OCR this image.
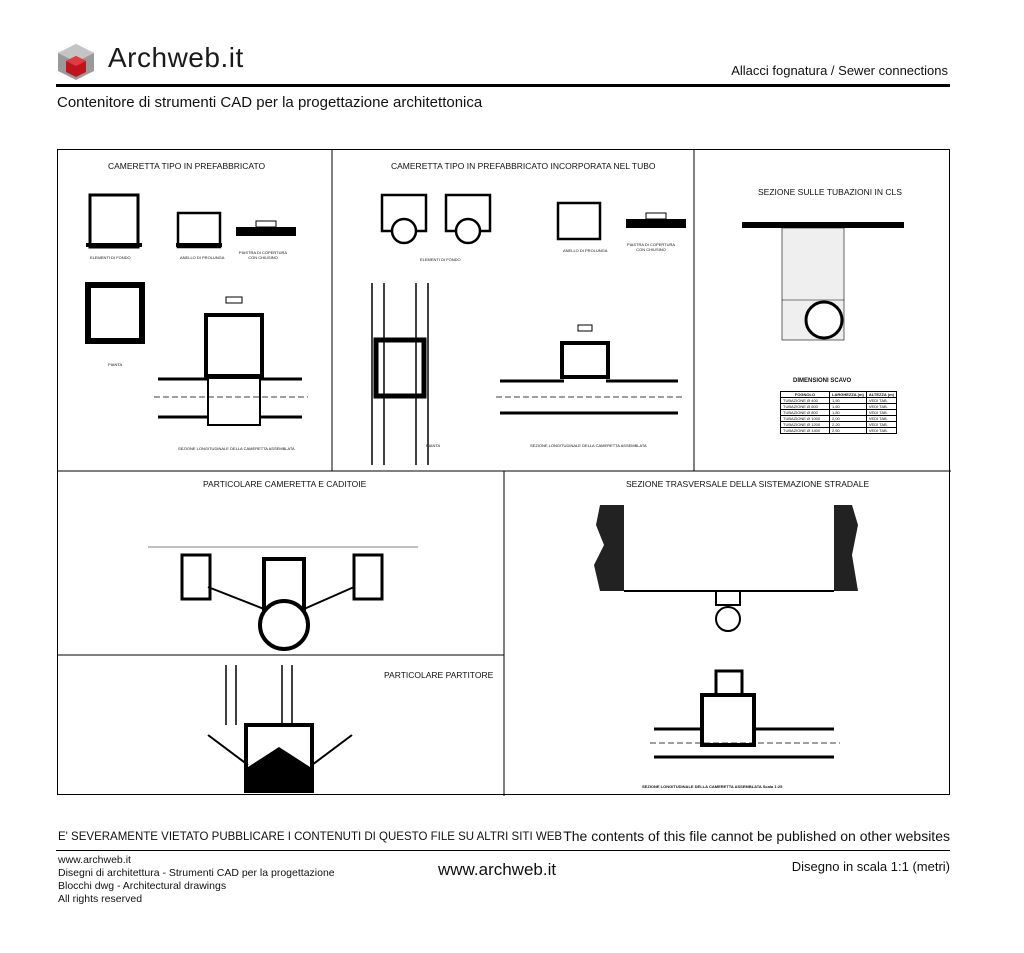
Archweb.it	Allacci fognatura / Sewer connections
Contenitore di strumenti CAD per la progettazione architettonica
CAMERETTA TIPO IN PREFABBRICATO
ELEMENTI DI FONDO	ANELLO DI PROLUNGA
PIASTRA DI COPERTURA CON CHIUSINO
PIANTA
SEZIONE LONGITUDINALE DELLA CAMERETTA ASSEMBLATA
CAMERETTA TIPO IN PREFABBRICATO INCORPORATA NEL TUBO
ELEMENTI DI FONDO
ANELLO DI PROLUNGA
PIASTRA DI COPERTURA CON CHIUSINO
PIANTA	SEZIONE LONGITUDINALE DELLA CAMERETTA ASSEMBLATA
SEZIONE SULLE TUBAZIONI IN CLS
DIMENSIONI SCAVO
FOGNOLO	LARGHEZZA (m)	ALTEZZA (m)
TUBAZIONE Ø 400	1,50	VEDI TAB.
TUBAZIONE Ø 600	1,60	VEDI TAB.
TUBAZIONE Ø 800	1,80	VEDI TAB.
TUBAZIONE Ø 1000	2,00	VEDI TAB.
TUBAZIONE Ø 1200	2,20	VEDI TAB.
TUBAZIONE Ø 1400	2,50	VEDI TAB.
PARTICOLARE CAMERETTA E CADITOIE
PARTICOLARE PARTITORE
SEZIONE TRASVERSALE DELLA SISTEMAZIONE STRADALE
SEZIONE LONGITUDINALE DELLA CAMERETTA ASSEMBLATA Scala 1:25
E' SEVERAMENTE VIETATO PUBBLICARE I CONTENUTI DI QUESTO FILE SU ALTRI SITI WEB The contents of this file cannot be published on other websites
www.archweb.it
Disegni di architettura - Strumenti CAD per la progettazione
Blocchi dwg - Architectural drawings
All rights reserved
www.archweb.it	Disegno in scala 1:1 (metri)
